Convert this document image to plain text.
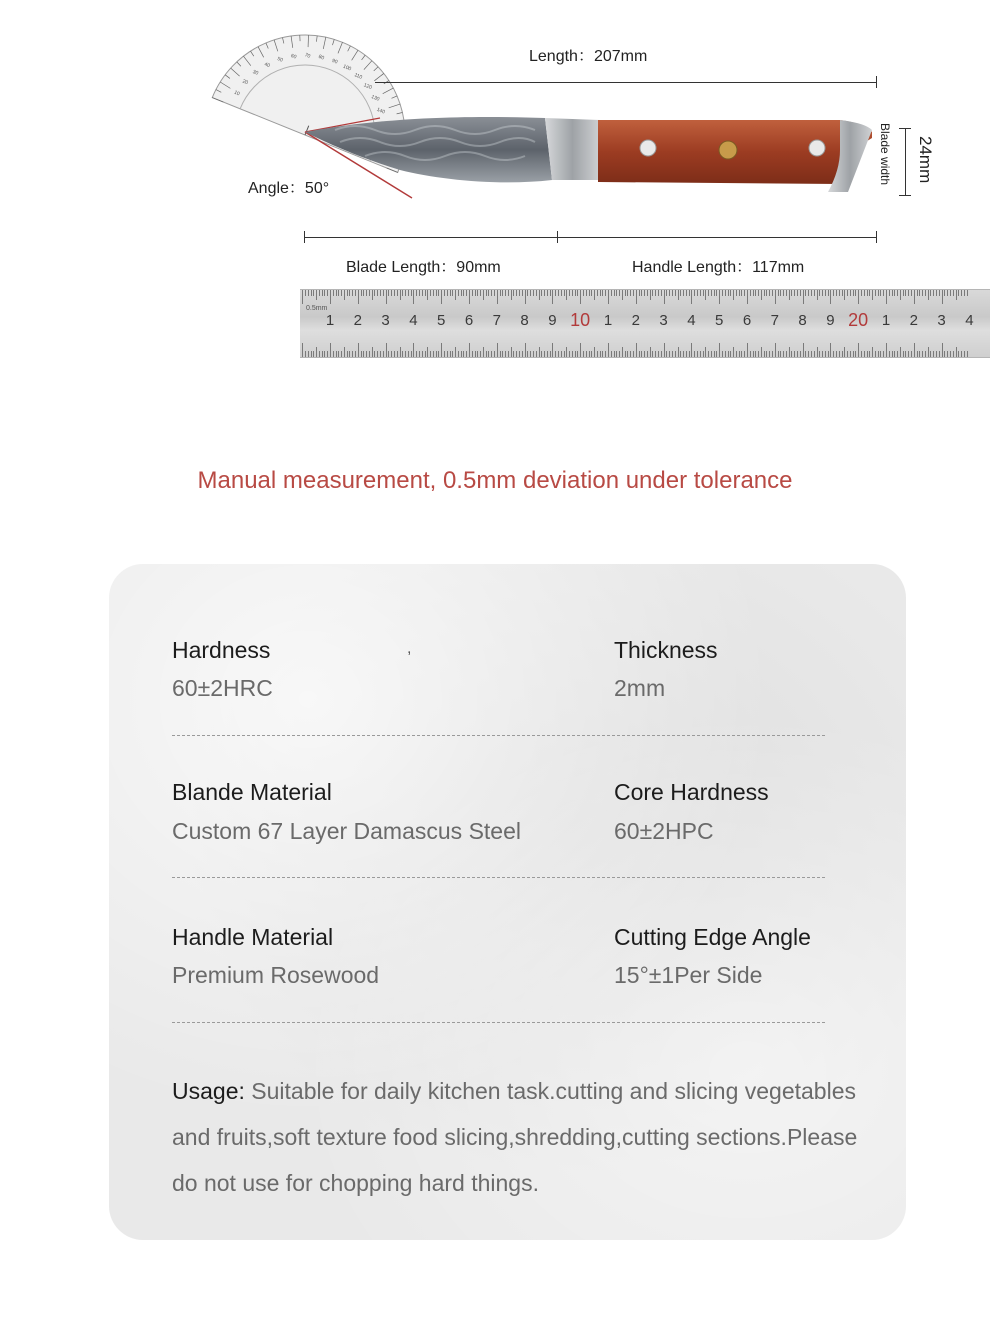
10
20
30
40
50 60 70 80
90
100
110
120
130
140
Length：207mm
Angle：50°
Blade width 24mm
Blade Length：90mm	Handle Length：117mm
0.5mm
1 2 3 4 5 6 7 8 9 10 1 2 3 4 5 6 7 8 9 20 1 2 3 4
Manual measurement, 0.5mm deviation under tolerance
Hardness	,
60±2HRC
Thickness
2mm
Blande Material
Custom 67 Layer Damascus Steel
Core Hardness
60±2HPC
Handle Material
Premium Rosewood
Cutting Edge Angle
15°±1Per Side
Usage: Suitable for daily kitchen task.cutting and slicing vegetables and fruits,soft texture food slicing,shredding,cutting sections.Please do not use for chopping hard things.
